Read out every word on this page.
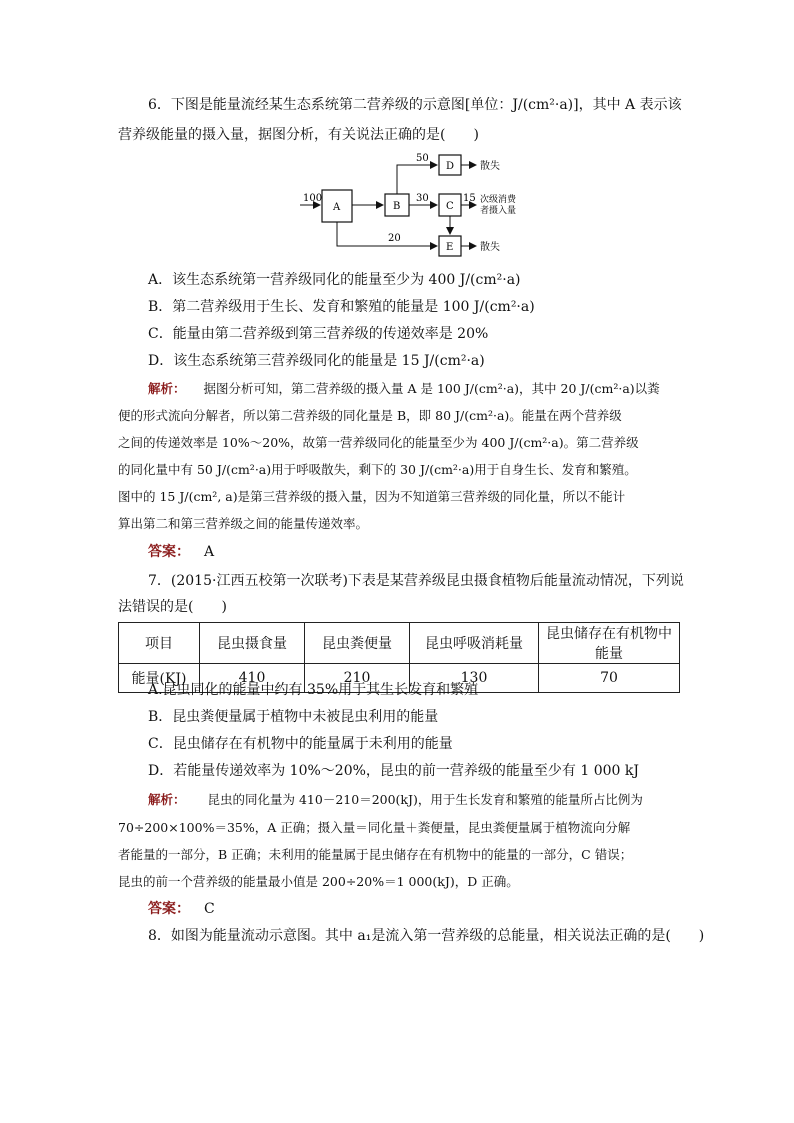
6．下图是能量流经某生态系统第二营养级的示意图[单位：J/(cm²·a)]，其中 A 表示该
营养级能量的摄入量，据图分析，有关说法正确的是(　　)
100
A	B
50
D	散失
30
C
15 次级消费
者摄入量
20
E	散失
A．该生态系统第一营养级同化的能量至少为 400 J/(cm²·a)
B．第二营养级用于生长、发育和繁殖的能量是 100 J/(cm²·a)
C．能量由第二营养级到第三营养级的传递效率是 20%
D．该生态系统第三营养级同化的能量是 15 J/(cm²·a)
解析： 据图分析可知，第二营养级的摄入量 A 是 100 J/(cm²·a)，其中 20 J/(cm²·a)以粪
便的形式流向分解者，所以第二营养级的同化量是 B，即 80 J/(cm²·a)。能量在两个营养级
之间的传递效率是 10%～20%，故第一营养级同化的能量至少为 400 J/(cm²·a)。第二营养级
的同化量中有 50 J/(cm²·a)用于呼吸散失，剩下的 30 J/(cm²·a)用于自身生长、发育和繁殖。
图中的 15 J/(cm², a)是第三营养级的摄入量，因为不知道第三营养级的同化量，所以不能计
算出第二和第三营养级之间的能量传递效率。
答案： A
7．(2015·江西五校第一次联考)下表是某营养级昆虫摄食植物后能量流动情况，下列说
法错误的是(　　)
项目	昆虫摄食量	昆虫粪便量	昆虫呼吸消耗量	昆虫储存在有机物中能量
能量(KJ)	410	210	130	70
A.昆虫同化的能量中约有 35%用于其生长发育和繁殖
B．昆虫粪便量属于植物中未被昆虫利用的能量
C．昆虫储存在有机物中的能量属于未利用的能量
D．若能量传递效率为 10%～20%，昆虫的前一营养级的能量至少有 1 000 kJ
解析： 昆虫的同化量为 410－210＝200(kJ)，用于生长发育和繁殖的能量所占比例为
70÷200×100%＝35%，A 正确；摄入量＝同化量＋粪便量，昆虫粪便量属于植物流向分解
者能量的一部分，B 正确；未利用的能量属于昆虫储存在有机物中的能量的一部分，C 错误；
昆虫的前一个营养级的能量最小值是 200÷20%＝1 000(kJ)，D 正确。
答案： C
8．如图为能量流动示意图。其中 a₁是流入第一营养级的总能量，相关说法正确的是(　　)
